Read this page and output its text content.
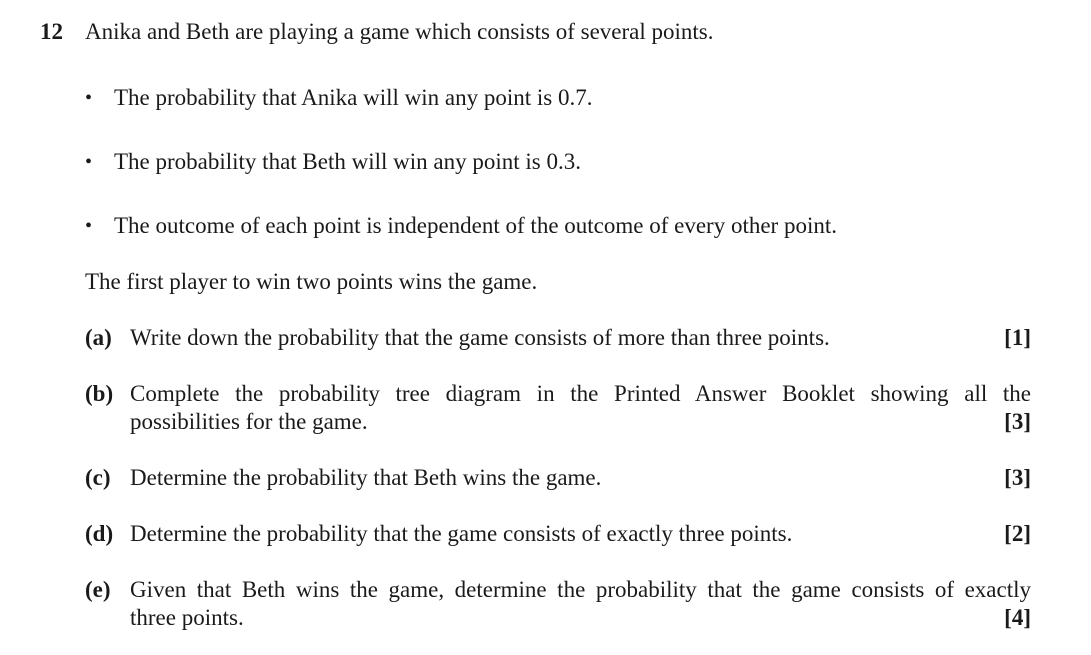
12 Anika and Beth are playing a game which consists of several points.
• The probability that Anika will win any point is 0.7.
• The probability that Beth will win any point is 0.3.
• The outcome of each point is independent of the outcome of every other point.
The first player to win two points wins the game.
(a) Write down the probability that the game consists of more than three points.	[1]
(b) Complete the probability tree diagram in the Printed Answer Booklet showing all the
possibilities for the game.	[3]
(c) Determine the probability that Beth wins the game.	[3]
(d) Determine the probability that the game consists of exactly three points.	[2]
(e) Given that Beth wins the game, determine the probability that the game consists of exactly
three points.	[4]
